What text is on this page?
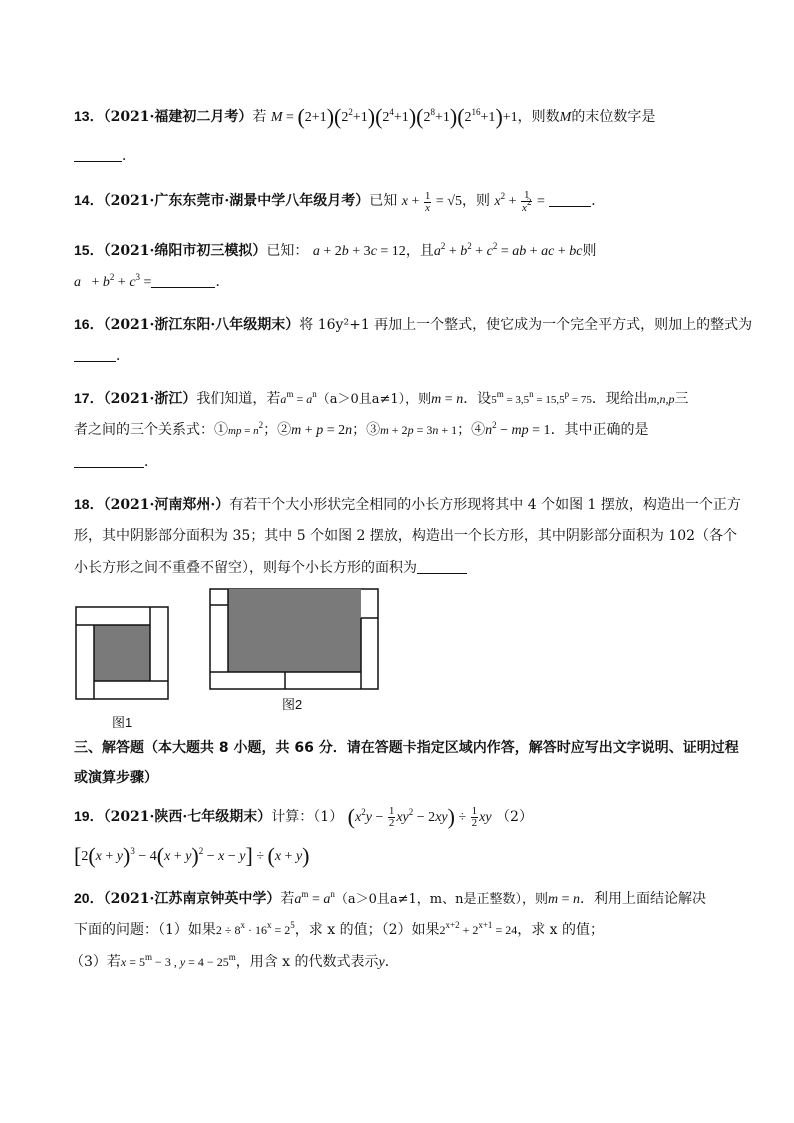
13．（2021·福建初二月考）若 $M = (2+1)(2^2+1)(2^4+1)(2^8+1)(2^{16}+1)+1$，则数M的末位数字是
．
14．（2021·广东东莞市·湖景中学八年级月考）已知 $x + \frac{1}{x} = √5$，则 $x^2 + \frac{1}{x^2}$ =	．
15．（2021·绵阳市初三模拟）已知： a + 2b + 3c = 12，且$a^2 + b^2 + c^2$ = ab + ac + bc则
$a + b^2 + c^3$ =	．
16．（2021·浙江东阳·八年级期末）将 16y²+1 再加上一个整式，使它成为一个完全平方式，则加上的整式为
．
17．（2021·浙江）我们知道，若$a^m = a^n(a>0$且a≠1），则m = n．设$5^m = 3,5^n = 15,5^p = 75$．现给出m,n,p三
者之间的三个关系式：①mp = $n^2$；②m + p = 2n；③m + 2p = 3n + 1；$④n^2$ − mp = 1．其中正确的是
．
18．（2021·河南郑州·）有若干个大小形状完全相同的小长方形现将其中 4 个如图 1 摆放，构造出一个正方
形，其中阴影部分面积为 35；其中 5 个如图 2 摆放，构造出一个长方形，其中阴影部分面积为 102（各个
小长方形之间不重叠不留空），则每个小长方形的面积为
图1
图2
三、解答题（本大题共 8 小题，共 66 分．请在答题卡指定区域内作答，解答时应写出文字说明、证明过程
或演算步骤）
19．（2021·陕西·七年级期末）计算：（1） $(x^2y - \frac{1}{2} xy^2 - 2xy) \div \frac{1}{2}$ xy （2）
$[2(x + y)^3 - 4(x + y)^2 - x - y] \div (x + y)$
20．（2021·江苏南京钟英中学）若$a^m = a^n(a>0$且a≠1，m、n是正整数），则m = n．利用上面结论解决
下面的问题：（1）如果$2 \div 8^x \cdot 16^x = 2^5$，求 x 的值；（2）如果$2^{x+2} + 2^{x+1} = 24$，求 x 的值；
（3）若$x = 5^m - 3$ , $y = 4 - 25^m$，用含 x 的代数式表示y．
